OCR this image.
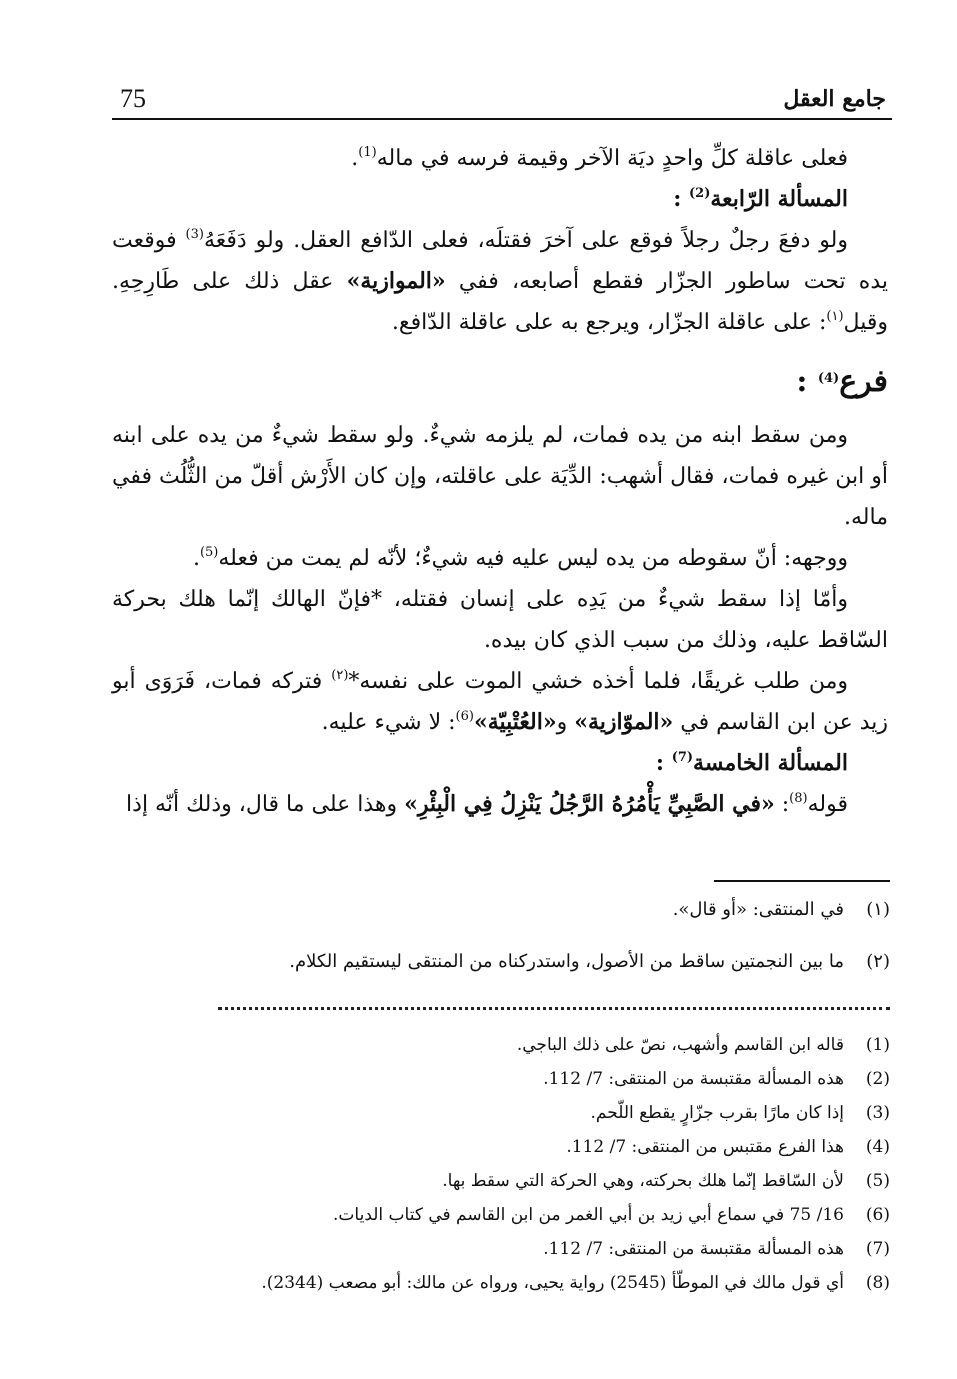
75	جامع العقل

فعلى عاقلة كلِّ واحدٍ ديَة الآخر وقيمة فرسه في ماله$^{(1)}$.

المسألة الرّابعة$^{(2)}$ :

ولو دفعَ رجلٌ رجلاً فوقع على آخرَ فقتلَه، فعلى الدّافع العقل. ولو دَفَعَهُ$^{(3)}$ فوقعت يده تحت ساطور الجزّار فقطع أصابعه، ففي «الموازية» عقل ذلك على طَارِحِهِ. وقيل$^{(١)}$: على عاقلة الجزّار، ويرجع به على عاقلة الدّافع.

فرع$^{(4)}$ :

ومن سقط ابنه من يده فمات، لم يلزمه شيءٌ. ولو سقط شيءٌ من يده على ابنه أو ابن غيره فمات، فقال أشهب: الدِّيَة على عاقلته، وإن كان الأَرْش أقلّ من الثُّلُث ففي ماله.

ووجهه: أنّ سقوطه من يده ليس عليه فيه شيءٌ؛ لأنّه لم يمت من فعله$^{(5)}$.

وأمّا إذا سقط شيءٌ من يَدِه على إنسان فقتله، *فإنّ الهالك إنّما هلك بحركة السّاقط عليه، وذلك من سبب الذي كان بيده.

ومن طلب غريقًا، فلما أخذه خشي الموت على نفسه*$^{(٢)}$ فتركه فمات، فَرَوَى أبو زيد عن ابن القاسم في «الموّازية» و«العُتْبِيّة»$^{(6)}$: لا شيء عليه.

المسألة الخامسة$^{(7)}$ :

قوله$^{(8)}$: «في الصَّبِيِّ يَأْمُرُهُ الرَّجُلُ يَنْزِلُ فِي الْبِئْرِ» وهذا على ما قال، وذلك أنّه إذا

(١)في المنتقى: «أو قال».

(٢)ما بين النجمتين ساقط من الأصول، واستدركناه من المنتقى ليستقيم الكلام.

(1)قاله ابن القاسم وأشهب، نصّ على ذلك الباجي.

(2)هذه المسألة مقتبسة من المنتقى: 7/ 112.

(3)إذا كان مارًا بقرب جزّارٍ يقطع اللّحم.

(4)هذا الفرع مقتبس من المنتقى: 7/ 112.

(5)لأن السّاقط إنّما هلك بحركته، وهي الحركة التي سقط بها.

(6)16/ 75 في سماع أبي زيد بن أبي الغمر من ابن القاسم في كتاب الديات.

(7)هذه المسألة مقتبسة من المنتقى: 7/ 112.

(8)أي قول مالك في الموطّأ (2545) رواية يحيى، ورواه عن مالك: أبو مصعب (2344).
